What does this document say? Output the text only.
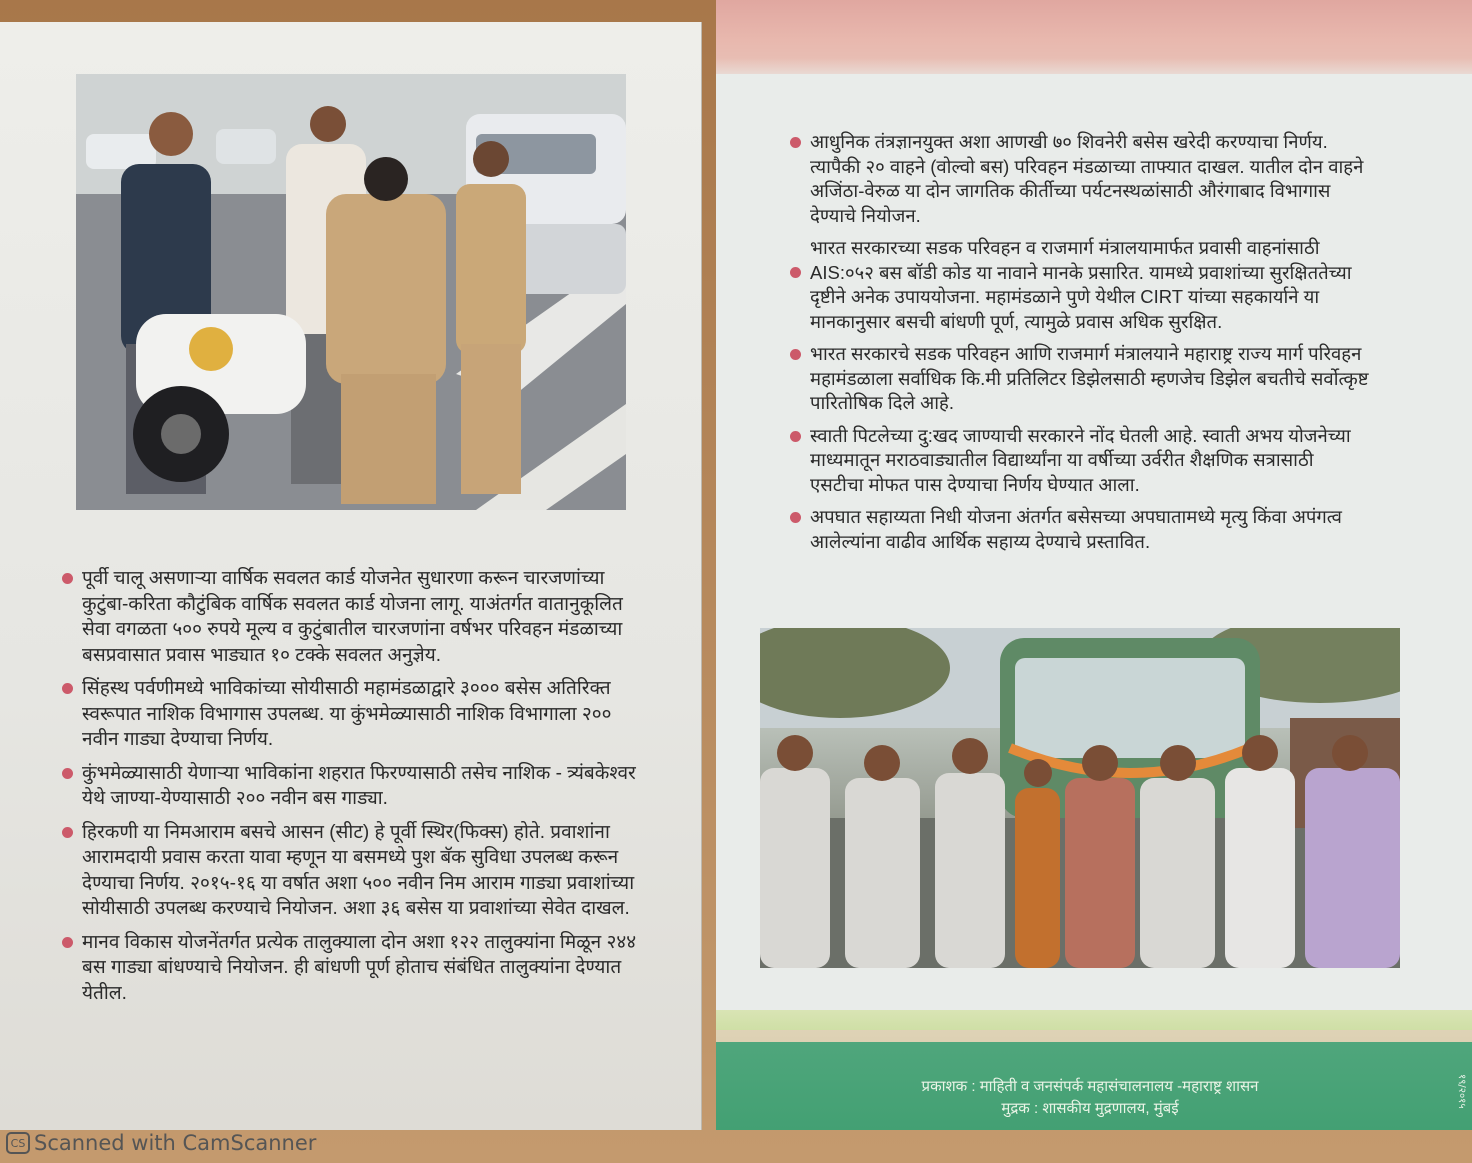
पूर्वी चालू असणाऱ्या वार्षिक सवलत कार्ड योजनेत सुधारणा करून चारजणांच्या कुटुंबा-करिता कौटुंबिक वार्षिक सवलत कार्ड योजना लागू. याअंतर्गत वातानुकूलित सेवा वगळता ५०० रुपये मूल्य व कुटुंबातील चारजणांना वर्षभर परिवहन मंडळाच्या बसप्रवासात प्रवास भाड्यात १० टक्के सवलत अनुज्ञेय.
सिंहस्थ पर्वणीमध्ये भाविकांच्या सोयीसाठी महामंडळाद्वारे ३००० बसेस अतिरिक्त स्वरूपात नाशिक विभागास उपलब्ध. या कुंभमेळ्यासाठी नाशिक विभागाला २०० नवीन गाड्या देण्याचा निर्णय.
कुंभमेळ्यासाठी येणाऱ्या भाविकांना शहरात फिरण्यासाठी तसेच नाशिक - त्र्यंबकेश्वर येथे जाण्या-येण्यासाठी २०० नवीन बस गाड्या.
हिरकणी या निमआराम बसचे आसन (सीट) हे पूर्वी स्थिर(फिक्स) होते. प्रवाशांना आरामदायी प्रवास करता यावा म्हणून या बसमध्ये पुश बॅक सुविधा उपलब्ध करून देण्याचा निर्णय. २०१५-१६ या वर्षात अशा ५०० नवीन निम आराम गाड्या प्रवाशांच्या सोयीसाठी उपलब्ध करण्याचे नियोजन. अशा ३६ बसेस या प्रवाशांच्या सेवेत दाखल.
मानव विकास योजनेंतर्गत प्रत्येक तालुक्याला दोन अशा १२२ तालुक्यांना मिळून २४४ बस गाड्या बांधण्याचे नियोजन. ही बांधणी पूर्ण होताच संबंधित तालुक्यांना देण्यात येतील.
१९/२०१५
आधुनिक तंत्रज्ञानयुक्त अशा आणखी ७० शिवनेरी बसेस खरेदी करण्याचा निर्णय. त्यापैकी २० वाहने (वोल्वो बस) परिवहन मंडळाच्या ताफ्यात दाखल. यातील दोन वाहने अजिंठा-वेरुळ या दोन जागतिक कीर्तीच्या पर्यटनस्थळांसाठी औरंगाबाद विभागास देण्याचे नियोजन.
भारत सरकारच्या सडक परिवहन व राजमार्ग मंत्रालयामार्फत प्रवासी वाहनांसाठी AIS:०५२ बस बॉडी कोड या नावाने मानके प्रसारित. यामध्ये प्रवाशांच्या सुरक्षिततेच्या दृष्टीने अनेक उपाययोजना. महामंडळाने पुणे येथील CIRT यांच्या सहकार्याने या मानकानुसार बसची बांधणी पूर्ण, त्यामुळे प्रवास अधिक सुरक्षित.
भारत सरकारचे सडक परिवहन आणि राजमार्ग मंत्रालयाने महाराष्ट्र राज्य मार्ग परिवहन महामंडळाला सर्वाधिक कि.मी प्रतिलिटर डिझेलसाठी म्हणजेच डिझेल बचतीचे सर्वोत्कृष्ट पारितोषिक दिले आहे.
स्वाती पिटलेच्या दु:खद जाण्याची सरकारने नोंद घेतली आहे. स्वाती अभय योजनेच्या माध्यमातून मराठवाड्यातील विद्यार्थ्यांना या वर्षीच्या उर्वरीत शैक्षणिक सत्रासाठी एसटीचा मोफत पास देण्याचा निर्णय घेण्यात आला.
अपघात सहाय्यता निधी योजना अंतर्गत बसेसच्या अपघातामध्ये मृत्यु किंवा अपंगत्व आलेल्यांना वाढीव आर्थिक सहाय्य देण्याचे प्रस्तावित.
प्रकाशक : माहिती व जनसंपर्क महासंचालनालय -महाराष्ट्र शासन
मुद्रक : शासकीय मुद्रणालय, मुंबई
CS Scanned with CamScanner
